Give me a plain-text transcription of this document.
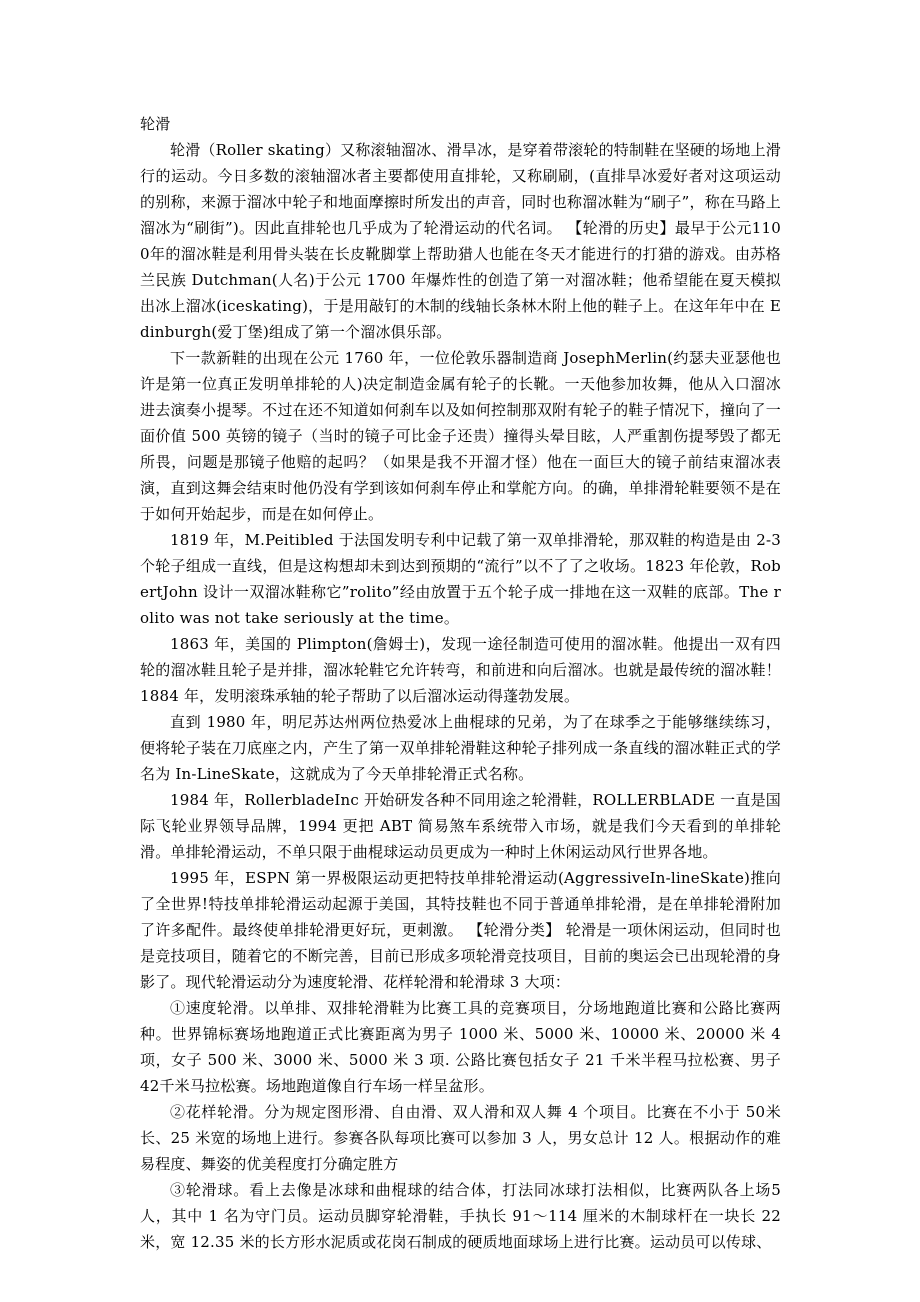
轮滑

轮滑（Roller skating）又称滚轴溜冰、滑旱冰，是穿着带滚轮的特制鞋在坚硬的场地上滑行的运动。今日多数的滚轴溜冰者主要都使用直排轮，又称刷刷，(直排旱冰爱好者对这项运动的别称，来源于溜冰中轮子和地面摩擦时所发出的声音，同时也称溜冰鞋为“刷子”，称在马路上溜冰为“刷街”)。因此直排轮也几乎成为了轮滑运动的代名词。 【轮滑的历史】最早于公元1100年的溜冰鞋是利用骨头装在长皮靴脚掌上帮助猎人也能在冬天才能进行的打猎的游戏。由苏格兰民族 Dutchman(人名)于公元 1700 年爆炸性的创造了第一对溜冰鞋；他希望能在夏天模拟出冰上溜冰(iceskating)，于是用敲钉的木制的线轴长条林木附上他的鞋子上。在这年年中在 Edinburgh(爱丁堡)组成了第一个溜冰俱乐部。

下一款新鞋的出现在公元 1760 年，一位伦敦乐器制造商 JosephMerlin(约瑟夫亚瑟他也许是第一位真正发明单排轮的人)决定制造金属有轮子的长靴。一天他参加妆舞，他从入口溜冰进去演奏小提琴。不过在还不知道如何刹车以及如何控制那双附有轮子的鞋子情况下，撞向了一面价值 500 英镑的镜子（当时的镜子可比金子还贵）撞得头晕目眩，人严重割伤提琴毁了都无所畏，问题是那镜子他赔的起吗？（如果是我不开溜才怪）他在一面巨大的镜子前结束溜冰表演，直到这舞会结束时他仍没有学到该如何刹车停止和掌舵方向。的确，单排滑轮鞋要领不是在于如何开始起步，而是在如何停止。

1819 年，M.Peitibled 于法国发明专利中记载了第一双单排滑轮，那双鞋的构造是由 2-3 个轮子组成一直线，但是这构想却未到达到预期的“流行”以不了了之收场。1823 年伦敦，RobertJohn 设计一双溜冰鞋称它”rolito”经由放置于五个轮子成一排地在这一双鞋的底部。The rolito was not take seriously at the time。

1863 年，美国的 Plimpton(詹姆士)，发现一途径制造可使用的溜冰鞋。他提出一双有四轮的溜冰鞋且轮子是并排，溜冰轮鞋它允许转弯，和前进和向后溜冰。也就是最传统的溜冰鞋！1884 年，发明滚珠承轴的轮子帮助了以后溜冰运动得蓬勃发展。

直到 1980 年，明尼苏达州两位热爱冰上曲棍球的兄弟，为了在球季之于能够继续练习，便将轮子装在刀底座之内，产生了第一双单排轮滑鞋这种轮子排列成一条直线的溜冰鞋正式的学名为 In-LineSkate，这就成为了今天单排轮滑正式名称。

1984 年，RollerbladeInc 开始研发各种不同用途之轮滑鞋，ROLLERBLADE 一直是国际飞轮业界领导品牌，1994 更把 ABT 简易煞车系统带入市场，就是我们今天看到的单排轮滑。单排轮滑运动，不单只限于曲棍球运动员更成为一种时上休闲运动风行世界各地。

1995 年，ESPN 第一界极限运动更把特技单排轮滑运动(AggressiveIn-lineSkate)推向了全世界!特技单排轮滑运动起源于美国，其特技鞋也不同于普通单排轮滑，是在单排轮滑附加了许多配件。最终使单排轮滑更好玩，更刺激。 【轮滑分类】 轮滑是一项休闲运动，但同时也是竞技项目，随着它的不断完善，目前已形成多项轮滑竞技项目，目前的奥运会已出现轮滑的身影了。现代轮滑运动分为速度轮滑、花样轮滑和轮滑球 3 大项：

①速度轮滑。以单排、双排轮滑鞋为比赛工具的竞赛项目，分场地跑道比赛和公路比赛两种。世界锦标赛场地跑道正式比赛距离为男子 1000 米、5000 米、10000 米、20000 米 4项，女子 500 米、3000 米、5000 米 3 项. 公路比赛包括女子 21 千米半程马拉松赛、男子 42千米马拉松赛。场地跑道像自行车场一样呈盆形。

②花样轮滑。分为规定图形滑、自由滑、双人滑和双人舞 4 个项目。比赛在不小于 50米长、25 米宽的场地上进行。参赛各队每项比赛可以参加 3 人，男女总计 12 人。根据动作的难易程度、舞姿的优美程度打分确定胜方

③轮滑球。看上去像是冰球和曲棍球的结合体，打法同冰球打法相似，比赛两队各上场5 人，其中 1 名为守门员。运动员脚穿轮滑鞋，手执长 91～114 厘米的木制球杆在一块长 22米，宽 12.35 米的长方形水泥质或花岗石制成的硬质地面球场上进行比赛。运动员可以传球、
